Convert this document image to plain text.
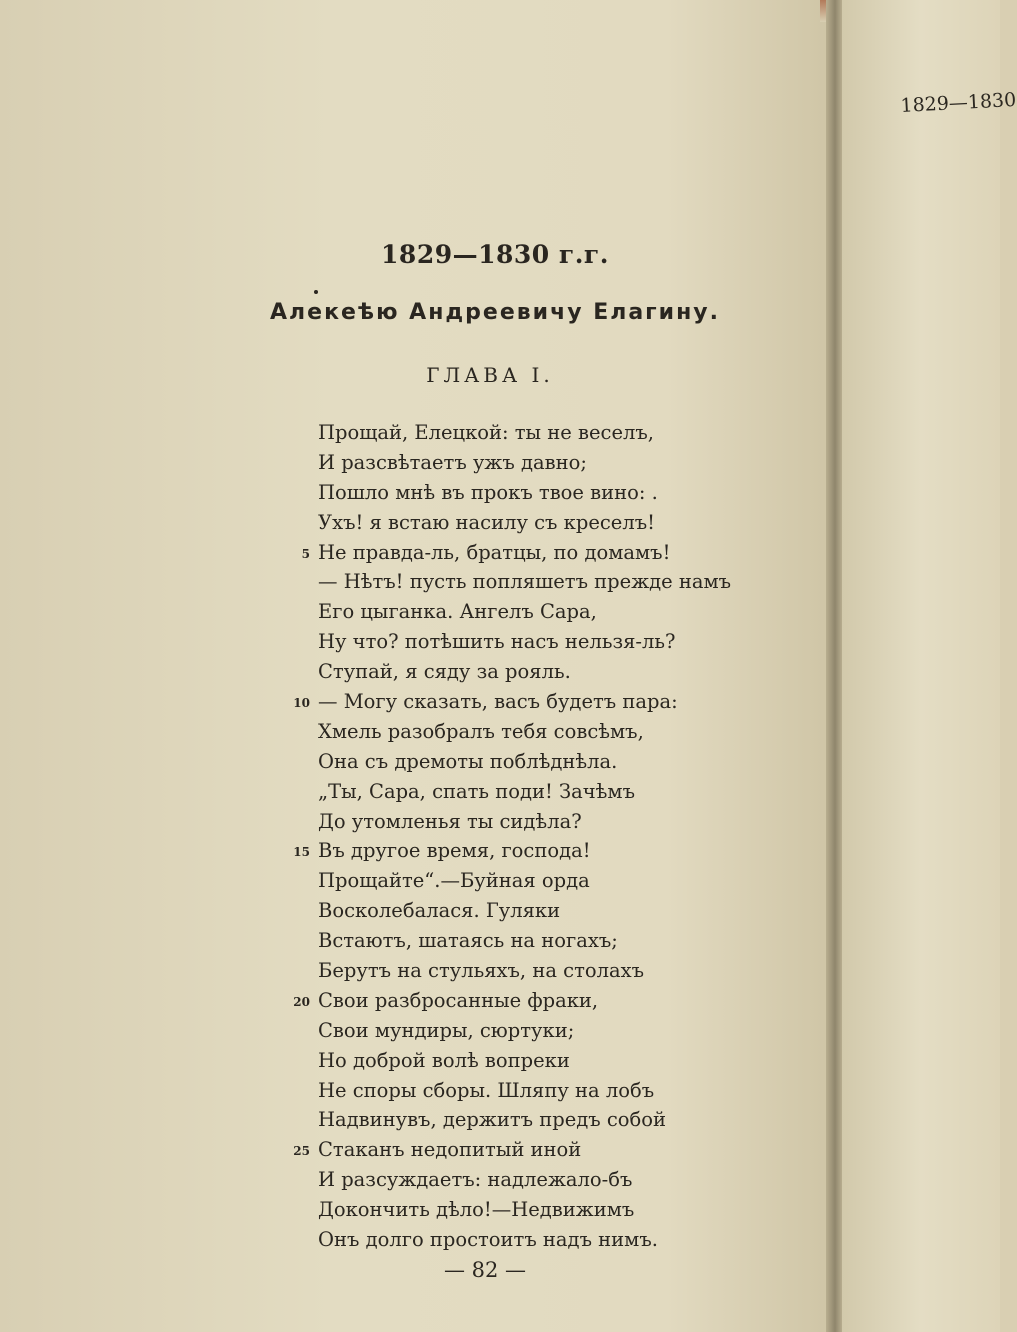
1829—1830
1829—1830 г.г.
Алекеѣю Андреевичу Елагину.
ГЛАВА I.
Прощай, Елецкой: ты не веселъ,
И разсвѣтаетъ ужъ давно;
Пошло мнѣ въ прокъ твое вино: .
Ухъ! я встаю насилу съ креселъ!
5 Не правда-ль, братцы, по домамъ!
— Нѣтъ! пусть попляшетъ прежде намъ
Его цыганка. Ангелъ Сара,
Ну что? потѣшить насъ нельзя-ль?
Ступай, я сяду за рояль.
10 — Могу сказать, васъ будетъ пара:
Хмель разобралъ тебя совсѣмъ,
Она съ дремоты поблѣднѣла.
„Ты, Сара, спать поди! Зачѣмъ
До утомленья ты сидѣла?
15 Въ другое время, господа!
Прощайте“.—Буйная орда
Восколебалася. Гуляки
Встаютъ, шатаясь на ногахъ;
Берутъ на стульяхъ, на столахъ
20 Свои разбросанные фраки,
Свои мундиры, сюртуки;
Но доброй волѣ вопреки
Не споры сборы. Шляпу на лобъ
Надвинувъ, держитъ предъ собой
25 Стаканъ недопитый иной
И разсуждаетъ: надлежало-бъ
Докончить дѣло!—Недвижимъ
Онъ долго простоитъ надъ нимъ.
— 82 —
